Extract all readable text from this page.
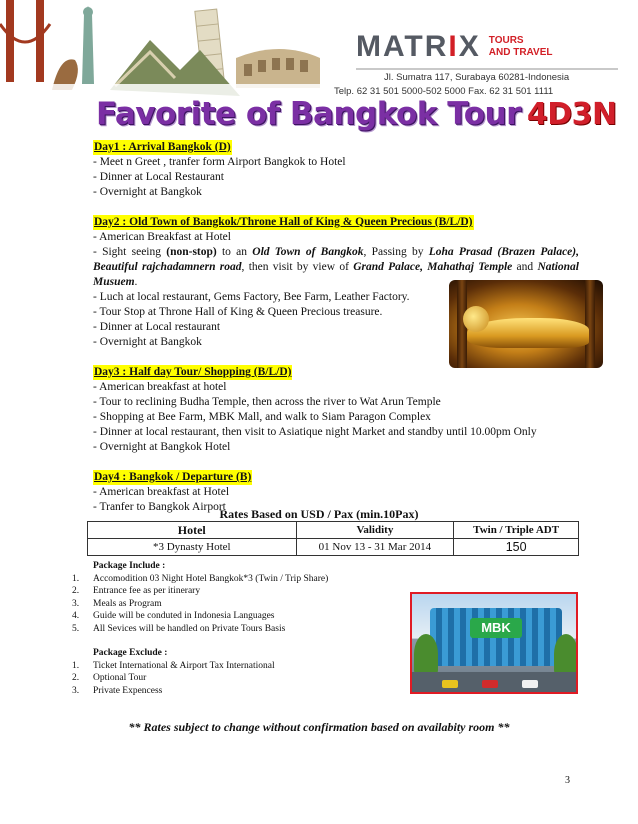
MATRIX TOURS
AND TRAVEL
Jl. Sumatra 117, Surabaya 60281-Indonesia
Telp. 62 31 501 5000-502 5000 Fax. 62 31 501 1111
Favorite of Bangkok Tour 4D3N
Day1 : Arrival Bangkok (D)
- Meet n Greet , tranfer form Airport Bangkok to Hotel
- Dinner at Local Restaurant
- Overnight at Bangkok
Day2 : Old Town of Bangkok/Throne Hall of King & Queen Precious (B/L/D)
- American Breakfast at Hotel
- Sight seeing (non-stop) to an Old Town of Bangkok, Passing by Loha Prasad (Brazen Palace), Beautiful rajchadamnern road, then visit by view of Grand Palace, Mahathaj Temple and National Musuem.
- Luch at local restaurant, Gems Factory, Bee Farm, Leather Factory.
- Tour Stop at Throne Hall of King & Queen Precious treasure.
- Dinner at Local restaurant
- Overnight at Bangkok
Day3 : Half day Tour/ Shopping (B/L/D)
- American breakfast at hotel
- Tour to reclining Budha Temple, then across the river to Wat Arun Temple
- Shopping at Bee Farm, MBK Mall, and walk to Siam Paragon Complex
- Dinner at local restaurant, then visit to Asiatique night Market and standby until 10.00pm Only
- Overnight at Bangkok Hotel
Day4 : Bangkok / Departure (B)
- American breakfast at Hotel
- Tranfer to Bangkok Airport
Rates Based on USD / Pax (min.10Pax)
Hotel	Validity	Twin / Triple ADT
*3 Dynasty Hotel	01 Nov 13 - 31 Mar 2014	150
Package Include :
1. Accomodition 03 Night Hotel Bangkok*3 (Twin / Trip Share)
2. Entrance fee as per itinerary
3. Meals as Program
4. Guide will be conduted in Indonesia Languages
5. All Sevices will be handled on Private Tours Basis
Package Exclude :
1. Ticket International & Airport Tax International
2. Optional Tour
3. Private Expencess
MBK
** Rates subject to change without confirmation based on availabity room **
3
